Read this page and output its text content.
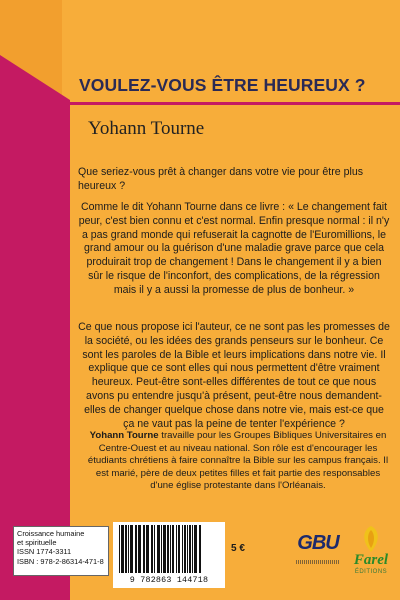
VOULEZ-VOUS ÊTRE HEUREUX ?
Yohann Tourne

Que seriez-vous prêt à changer dans votre vie pour être plus heureux ?

Comme le dit Yohann Tourne dans ce livre : « Le changement fait peur, c'est bien connu et c'est normal. Enfin presque normal : il n'y a pas grand monde qui refuserait la cagnotte de l'Euromillions, le grand amour ou la guérison d'une maladie grave parce que cela produirait trop de changement ! Dans le changement il y a bien sûr le risque de l'inconfort, des complications, de la régression mais il y a aussi la promesse de plus de bonheur. »

Ce que nous propose ici l'auteur, ce ne sont pas les promesses de la société, ou les idées des grands penseurs sur le bonheur. Ce sont les paroles de la Bible et leurs implications dans notre vie. Il explique que ce sont elles qui nous permettent d'être vraiment heureux. Peut-être sont-elles différentes de tout ce que nous avons pu entendre jusqu'à présent, peut-être nous demandent-elles de changer quelque chose dans notre vie, mais est-ce que ça ne vaut pas la peine de tenter l'expérience ?

Yohann Tourne travaille pour les Groupes Bibliques Universitaires en Centre-Ouest et au niveau national. Son rôle est d'encourager les étudiants chrétiens à faire connaître la Bible sur les campus français. Il est marié, père de deux petites filles et fait partie des responsables d'une église protestante dans l'Orléanais.

Croissance humaine
et spirituelle
ISSN 1774-3311
ISBN : 978-2-86314-471-8
9 782863 144718
5 €	GBU
Farel
ÉDITIONS
